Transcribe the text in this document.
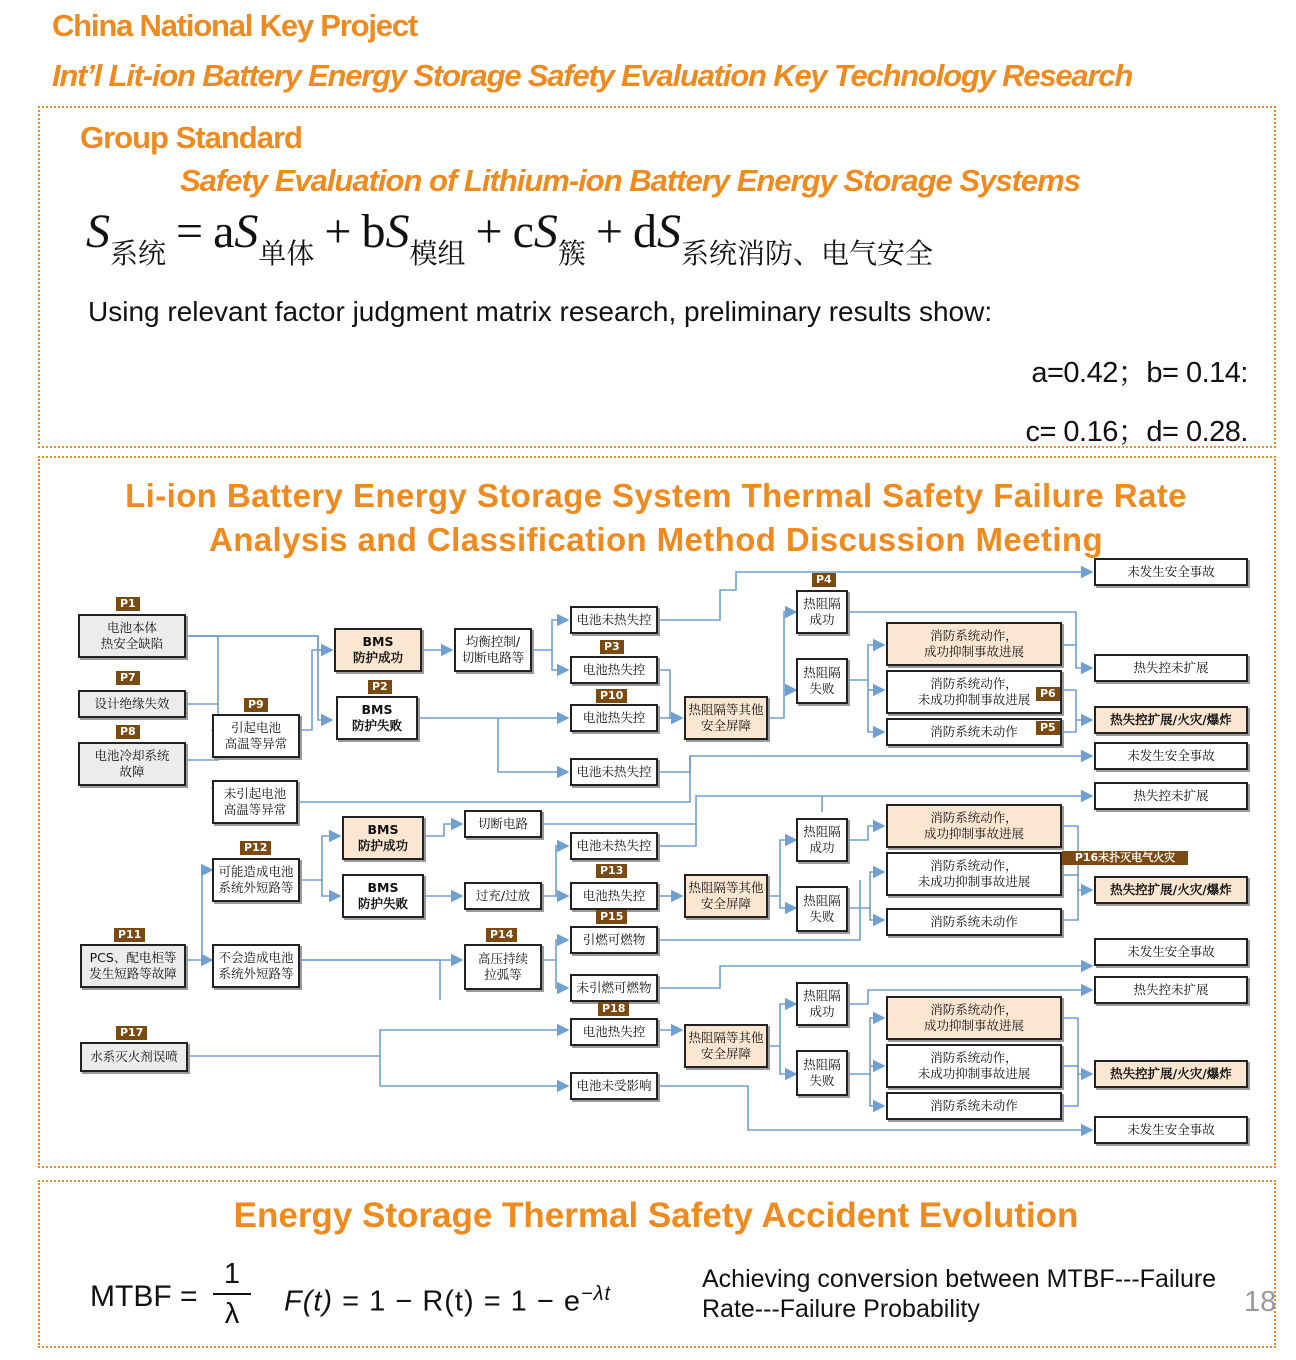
China National Key Project
Int’l Lit-ion Battery Energy Storage Safety Evaluation Key Technology Research
Group Standard
Safety Evaluation of Lithium-ion Battery Energy Storage Systems
$S_{系统} = aS_{单体} + bS_{模组} + cS_簇 + dS_{系统消防、电气安全}$
Using relevant factor judgment matrix research, preliminary results show:
a=0.42；b= 0.14:
c= 0.16；d= 0.28.
Li-ion Battery Energy Storage System Thermal Safety Failure Rate
Analysis and Classification Method Discussion Meeting
电池本体
热安全缺陷
设计绝缘失效
电池冷却系统
故障
引起电池
高温等异常
未引起电池
高温等异常
BMS
防护成功
BMS
防护失败
均衡控制/
切断电路等
电池未热失控
电池热失控
电池热失控
电池未热失控
热阻隔等其他
安全屏障
热阻隔
成功
热阻隔
失败
消防系统动作，
成功抑制事故进展
消防系统动作，
未成功抑制事故进展
消防系统未动作
未发生安全事故
热失控未扩展
热失控扩展/火灾/爆炸
未发生安全事故
热失控未扩展
可能造成电池
系统外短路等
BMS
防护成功
BMS
防护失败
切断电路
过充/过放
电池未热失控
电池热失控
热阻隔等其他
安全屏障
热阻隔
成功
热阻隔
失败
消防系统动作，
成功抑制事故进展
消防系统动作，
未成功抑制事故进展
消防系统未动作
热失控扩展/火灾/爆炸
PCS、配电柜等
发生短路等故障
不会造成电池
系统外短路等
高压持续
拉弧等
引燃可燃物
未引燃可燃物
未发生安全事故
热失控未扩展
水系灭火剂误喷
电池热失控
电池未受影响
热阻隔等其他
安全屏障
热阻隔
成功
热阻隔
失败
消防系统动作，
成功抑制事故进展
消防系统动作，
未成功抑制事故进展
消防系统未动作
热失控扩展/火灾/爆炸
未发生安全事故
P1
P7
P8
P9
P2
P3
P10
P4
P6
P5
P12
P13
P16未扑灭电气火灾
P15
P11	P14
P18
P17
Energy Storage Thermal Safety Accident Evolution
MTBF =
1
λ	$F(t) = 1 - R(t) = 1 - e^{-\lambda t}$
Achieving conversion between MTBF---Failure Rate---Failure Probability	18
